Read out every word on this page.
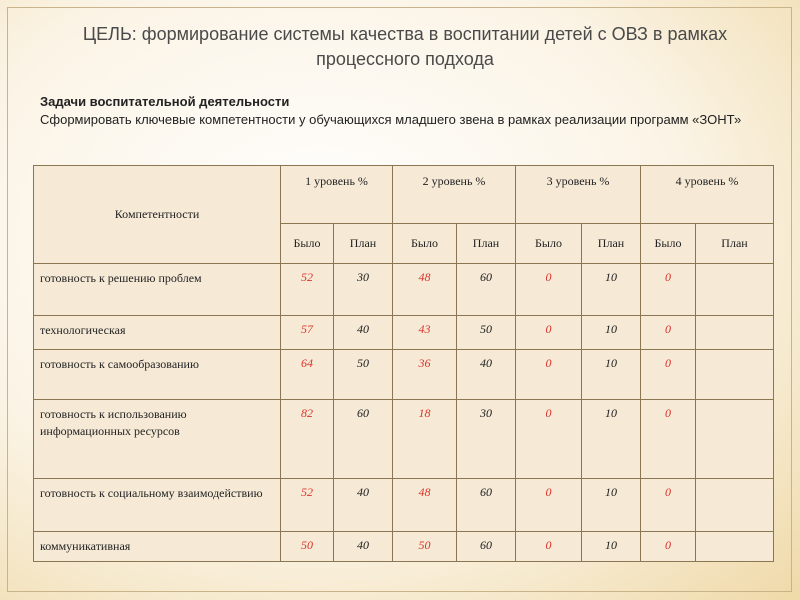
ЦЕЛЬ: формирование системы качества в воспитании детей с ОВЗ в рамках процессного подхода
Задачи воспитательной деятельности
Сформировать ключевые компетентности у обучающихся младшего звена в рамках реализации программ «ЗОНТ»
Компетентности	1 уровень %		2 уровень %		3 уровень %		4 уровень %	
	Было	План	Было	План	Было	План	Было	План
готовность к решению проблем	52	30	48	60	0	10	0	
технологическая	57	40	43	50	0	10	0	
готовность к самообразованию	64	50	36	40	0	10	0	
готовность к использованию информационных ресурсов	82	60	18	30	0	10	0	
готовность к социальному взаимодействию	52	40	48	60	0	10	0	
коммуникативная	50	40	50	60	0	10	0	
